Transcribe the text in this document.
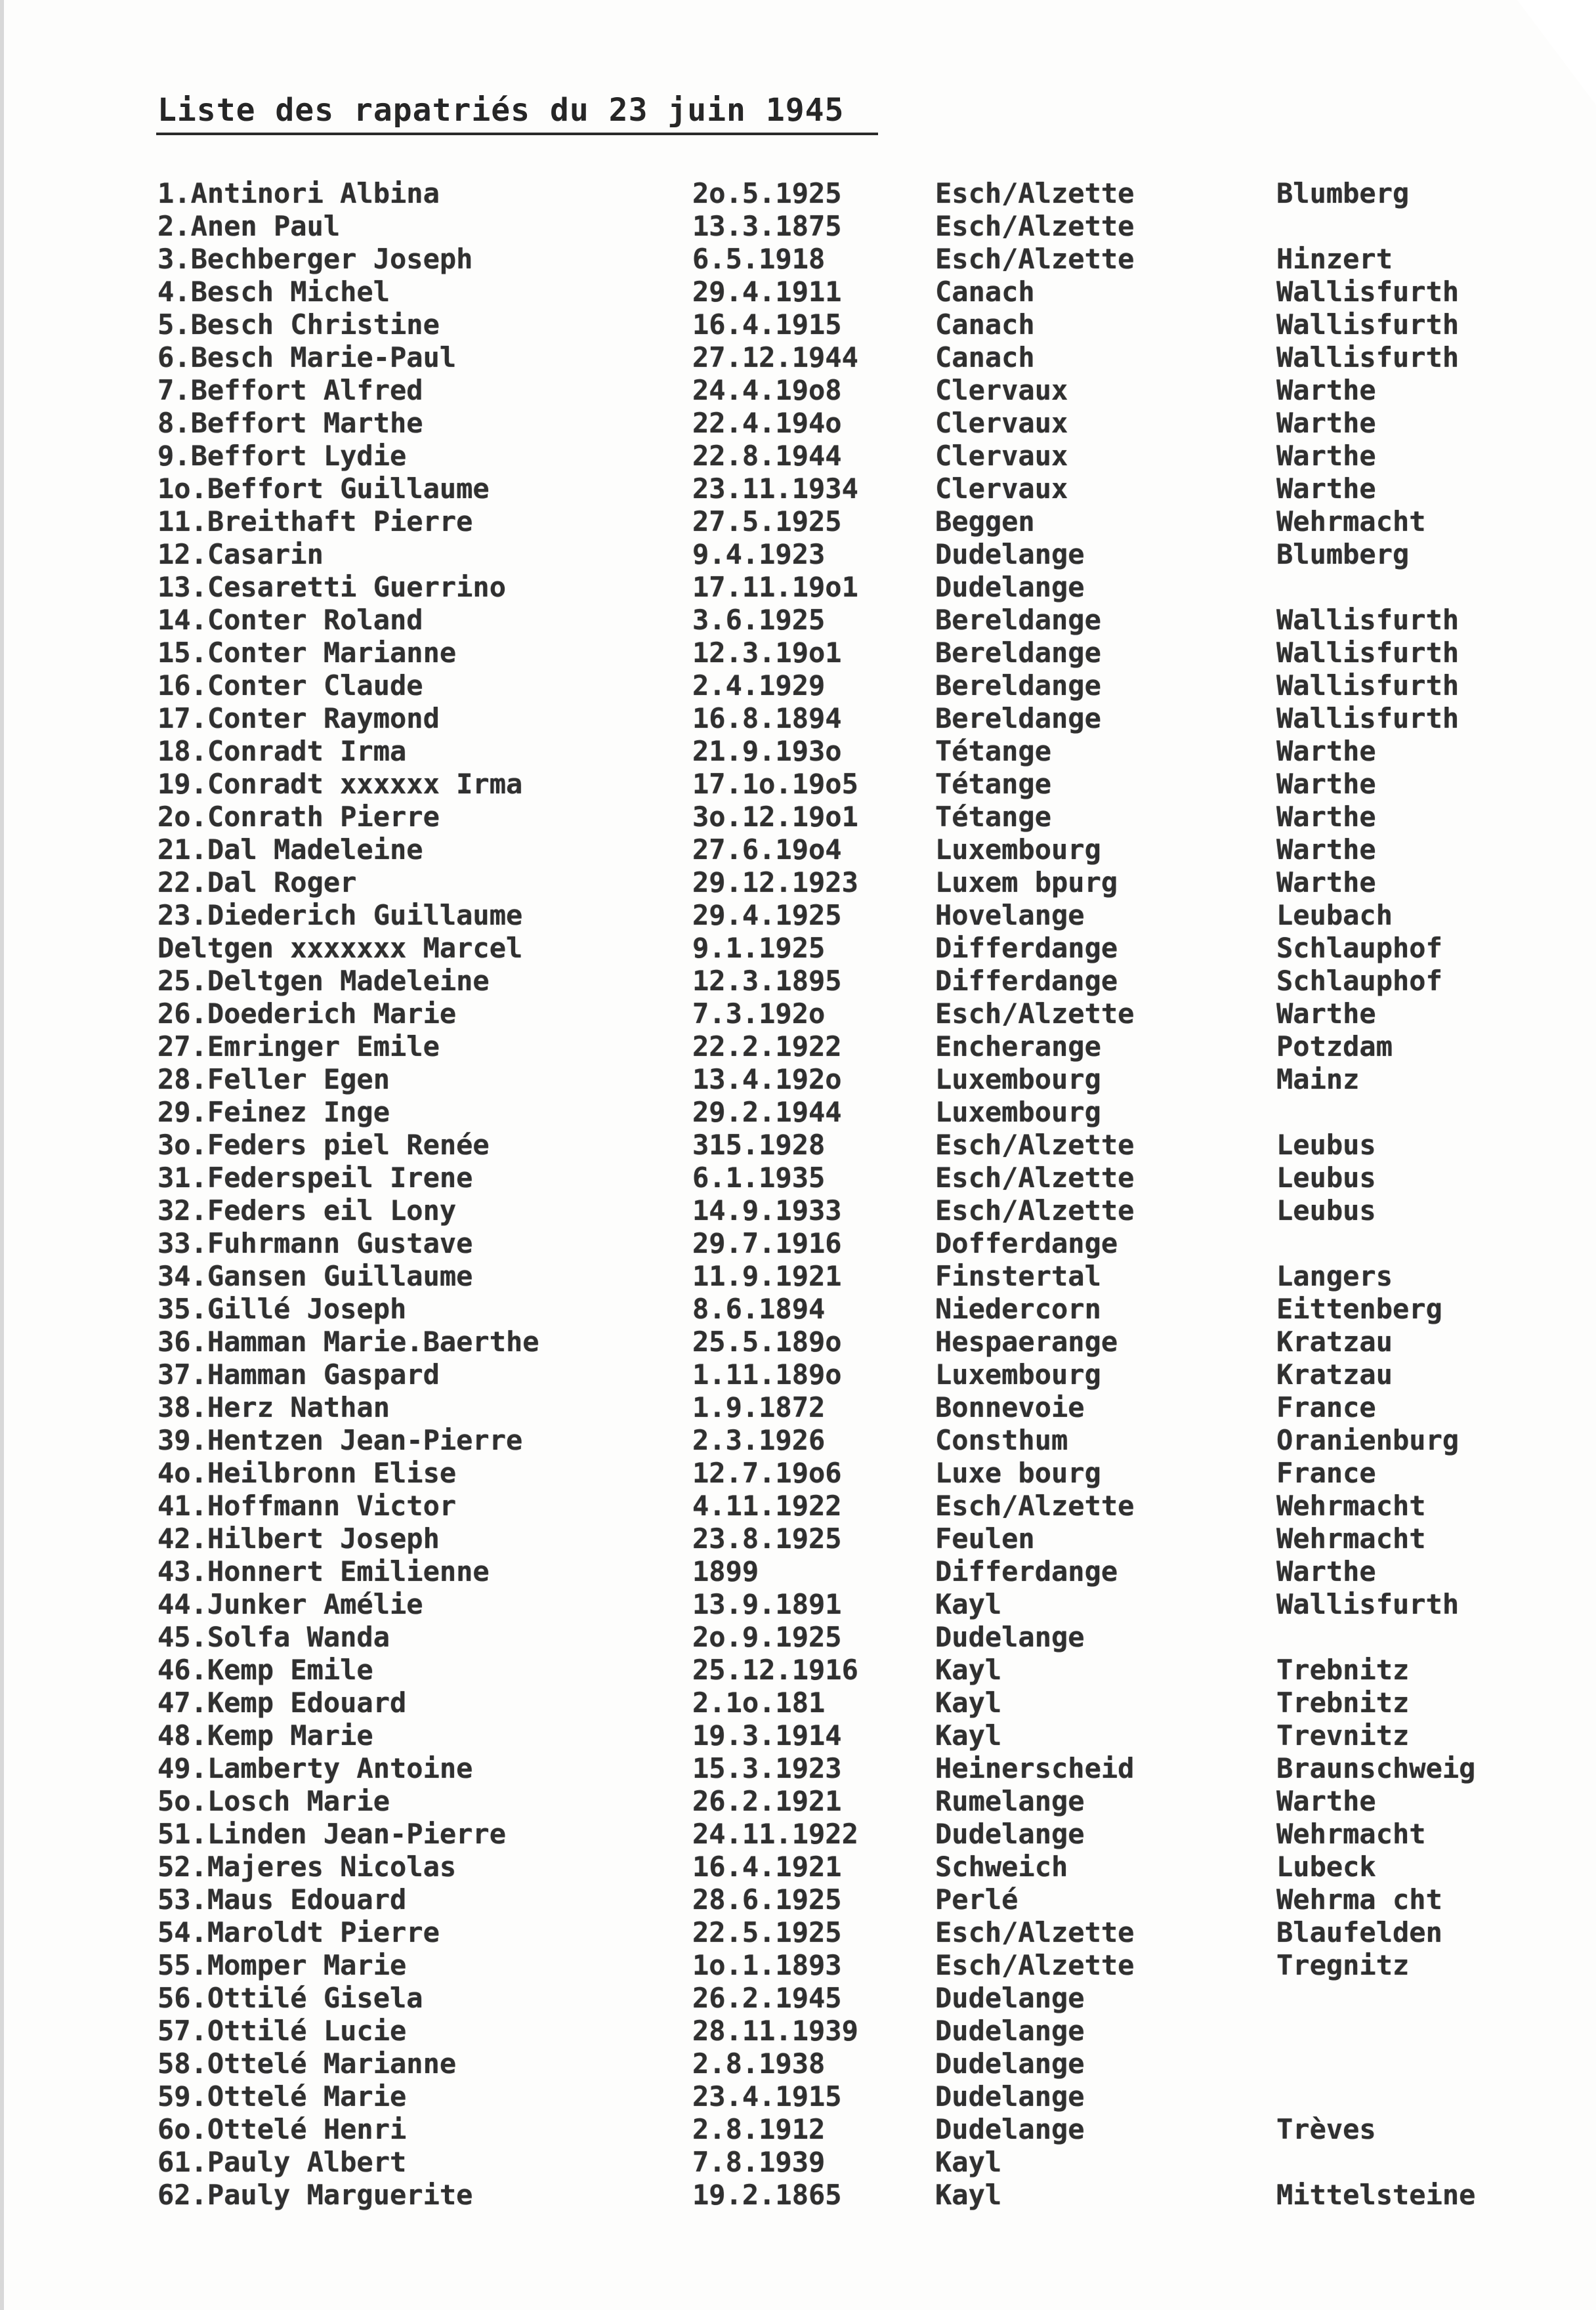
Liste des rapatriés du 23 juin 1945
1.Antinori Albina	2o.5.1925	Esch/Alzette	Blumberg
2.Anen Paul	13.3.1875	Esch/Alzette
3.Bechberger Joseph	6.5.1918	Esch/Alzette	Hinzert
4.Besch Michel	29.4.1911	Canach	Wallisfurth
5.Besch Christine	16.4.1915	Canach	Wallisfurth
6.Besch Marie-Paul	27.12.1944	Canach	Wallisfurth
7.Beffort Alfred	24.4.19o8	Clervaux	Warthe
8.Beffort Marthe	22.4.194o	Clervaux	Warthe
9.Beffort Lydie	22.8.1944	Clervaux	Warthe
1o.Beffort Guillaume	23.11.1934	Clervaux	Warthe
11.Breithaft Pierre	27.5.1925	Beggen	Wehrmacht
12.Casarin	9.4.1923	Dudelange	Blumberg
13.Cesaretti Guerrino	17.11.19o1	Dudelange
14.Conter Roland	3.6.1925	Bereldange	Wallisfurth
15.Conter Marianne	12.3.19o1	Bereldange	Wallisfurth
16.Conter Claude	2.4.1929	Bereldange	Wallisfurth
17.Conter Raymond	16.8.1894	Bereldange	Wallisfurth
18.Conradt Irma	21.9.193o	Tétange	Warthe
19.Conradt xxxxxx Irma	17.1o.19o5	Tétange	Warthe
2o.Conrath Pierre	3o.12.19o1	Tétange	Warthe
21.Dal Madeleine	27.6.19o4	Luxembourg	Warthe
22.Dal Roger	29.12.1923	Luxem bpurg	Warthe
23.Diederich Guillaume	29.4.1925	Hovelange	Leubach
Deltgen xxxxxxx Marcel	9.1.1925	Differdange	Schlauphof
25.Deltgen Madeleine	12.3.1895	Differdange	Schlauphof
26.Doederich Marie	7.3.192o	Esch/Alzette	Warthe
27.Emringer Emile	22.2.1922	Encherange	Potzdam
28.Feller Egen	13.4.192o	Luxembourg	Mainz
29.Feinez Inge	29.2.1944	Luxembourg
3o.Feders piel Renée	315.1928	Esch/Alzette	Leubus
31.Federspeil Irene	6.1.1935	Esch/Alzette	Leubus
32.Feders eil Lony	14.9.1933	Esch/Alzette	Leubus
33.Fuhrmann Gustave	29.7.1916	Dofferdange
34.Gansen Guillaume	11.9.1921	Finstertal	Langers
35.Gillé Joseph	8.6.1894	Niedercorn	Eittenberg
36.Hamman Marie.Baerthe	25.5.189o	Hespaerange	Kratzau
37.Hamman Gaspard	1.11.189o	Luxembourg	Kratzau
38.Herz Nathan	1.9.1872	Bonnevoie	France
39.Hentzen Jean-Pierre	2.3.1926	Consthum	Oranienburg
4o.Heilbronn Elise	12.7.19o6	Luxe bourg	France
41.Hoffmann Victor	4.11.1922	Esch/Alzette	Wehrmacht
42.Hilbert Joseph	23.8.1925	Feulen	Wehrmacht
43.Honnert Emilienne	1899	Differdange	Warthe
44.Junker Amélie	13.9.1891	Kayl	Wallisfurth
45.Solfa Wanda	2o.9.1925	Dudelange
46.Kemp Emile	25.12.1916	Kayl	Trebnitz
47.Kemp Edouard	2.1o.181	Kayl	Trebnitz
48.Kemp Marie	19.3.1914	Kayl	Trevnitz
49.Lamberty Antoine	15.3.1923	Heinerscheid	Braunschweig
5o.Losch Marie	26.2.1921	Rumelange	Warthe
51.Linden Jean-Pierre	24.11.1922	Dudelange	Wehrmacht
52.Majeres Nicolas	16.4.1921	Schweich	Lubeck
53.Maus Edouard	28.6.1925	Perlé	Wehrma cht
54.Maroldt Pierre	22.5.1925	Esch/Alzette	Blaufelden
55.Momper Marie	1o.1.1893	Esch/Alzette	Tregnitz
56.Ottilé Gisela	26.2.1945	Dudelange
57.Ottilé Lucie	28.11.1939	Dudelange
58.Ottelé Marianne	2.8.1938	Dudelange
59.Ottelé Marie	23.4.1915	Dudelange
6o.Ottelé Henri	2.8.1912	Dudelange	Trèves
61.Pauly Albert	7.8.1939	Kayl
62.Pauly Marguerite	19.2.1865	Kayl	Mittelsteine
